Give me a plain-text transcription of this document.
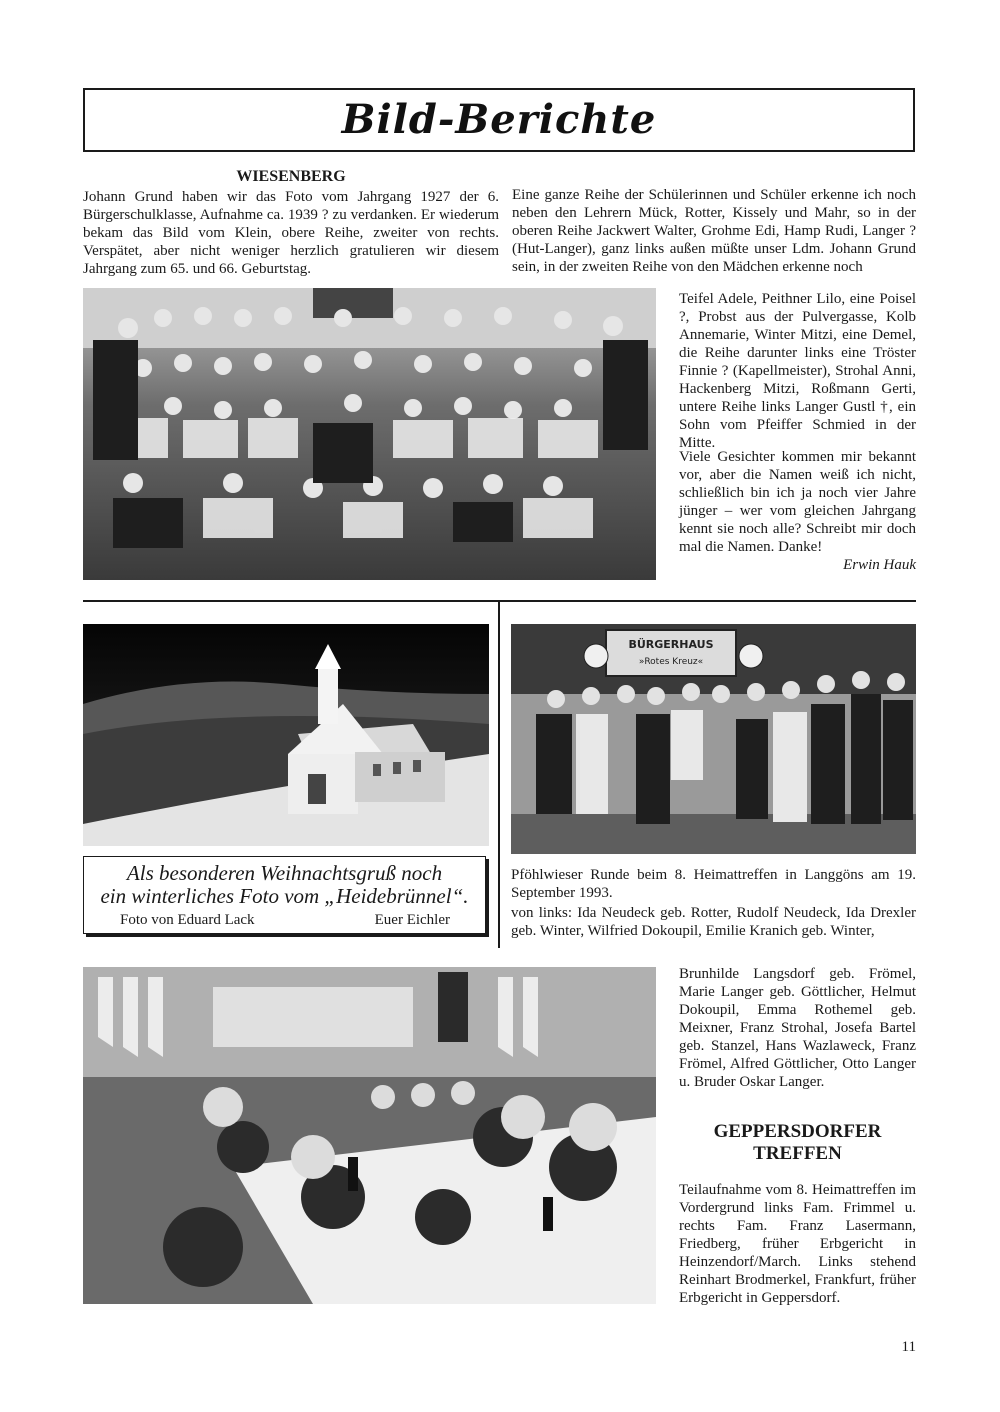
Bild-Berichte
WIESENBERG
Johann Grund haben wir das Foto vom Jahrgang 1927 der 6. Bürgerschulklasse, Aufnahme ca. 1939 ? zu verdanken. Er wiederum bekam das Bild vom Klein, obere Reihe, zweiter von rechts. Verspätet, aber nicht weniger herzlich gratulieren wir diesem Jahrgang zum 65. und 66. Geburtstag.
Eine ganze Reihe der Schülerinnen und Schüler erkenne ich noch neben den Lehrern Mück, Rotter, Kissely und Mahr, so in der oberen Reihe Jackwert Walter, Grohme Edi, Hamp Rudi, Langer ? (Hut-Langer), ganz links außen müßte unser Ldm. Johann Grund sein, in der zweiten Reihe von den Mädchen erkenne noch
Teifel Adele, Peithner Lilo, eine Poisel ?, Probst aus der Pulvergasse, Kolb Annemarie, Winter Mitzi, eine Demel, die Reihe darunter links eine Tröster Finnie ? (Kapellmeister), Strohal Anni, Hackenberg Mitzi, Roßmann Gerti, untere Reihe links Langer Gustl †, ein Sohn vom Pfeiffer Schmied in der Mitte.
Viele Gesichter kommen mir bekannt vor, aber die Namen weiß ich nicht, schließlich bin ich ja noch vier Jahre jünger – wer vom gleichen Jahrgang kennt sie noch alle? Schreibt mir doch mal die Namen. Danke!
Erwin Hauk
Als besonderen Weihnachtsgruß noch
ein winterliches Foto vom „Heidebrünnel“.
Foto von Eduard Lack	Euer Eichler
BÜRGERHAUS
»Rotes Kreuz«
Pföhlwieser Runde beim 8. Heimattreffen in Langgöns am 19. September 1993.
von links: Ida Neudeck geb. Rotter, Rudolf Neudeck, Ida Drexler geb. Winter, Wilfried Dokoupil, Emilie Kranich geb. Winter,
Brunhilde Langsdorf geb. Frömel, Marie Langer geb. Göttlicher, Helmut Dokoupil, Emma Rothemel geb. Meixner, Franz Strohal, Josefa Bartel geb. Stanzel, Hans Wazlaweck, Franz Frömel, Alfred Göttlicher, Otto Langer u. Bruder Oskar Langer.
GEPPERSDORFER
TREFFEN
Teilaufnahme vom 8. Heimattreffen im Vordergrund links Fam. Frimmel u. rechts Fam. Franz Lasermann, Friedberg, früher Erbgericht in Heinzendorf/March. Links stehend Reinhart Brodmerkel, Frankfurt, früher Erbgericht in Geppersdorf.
11
